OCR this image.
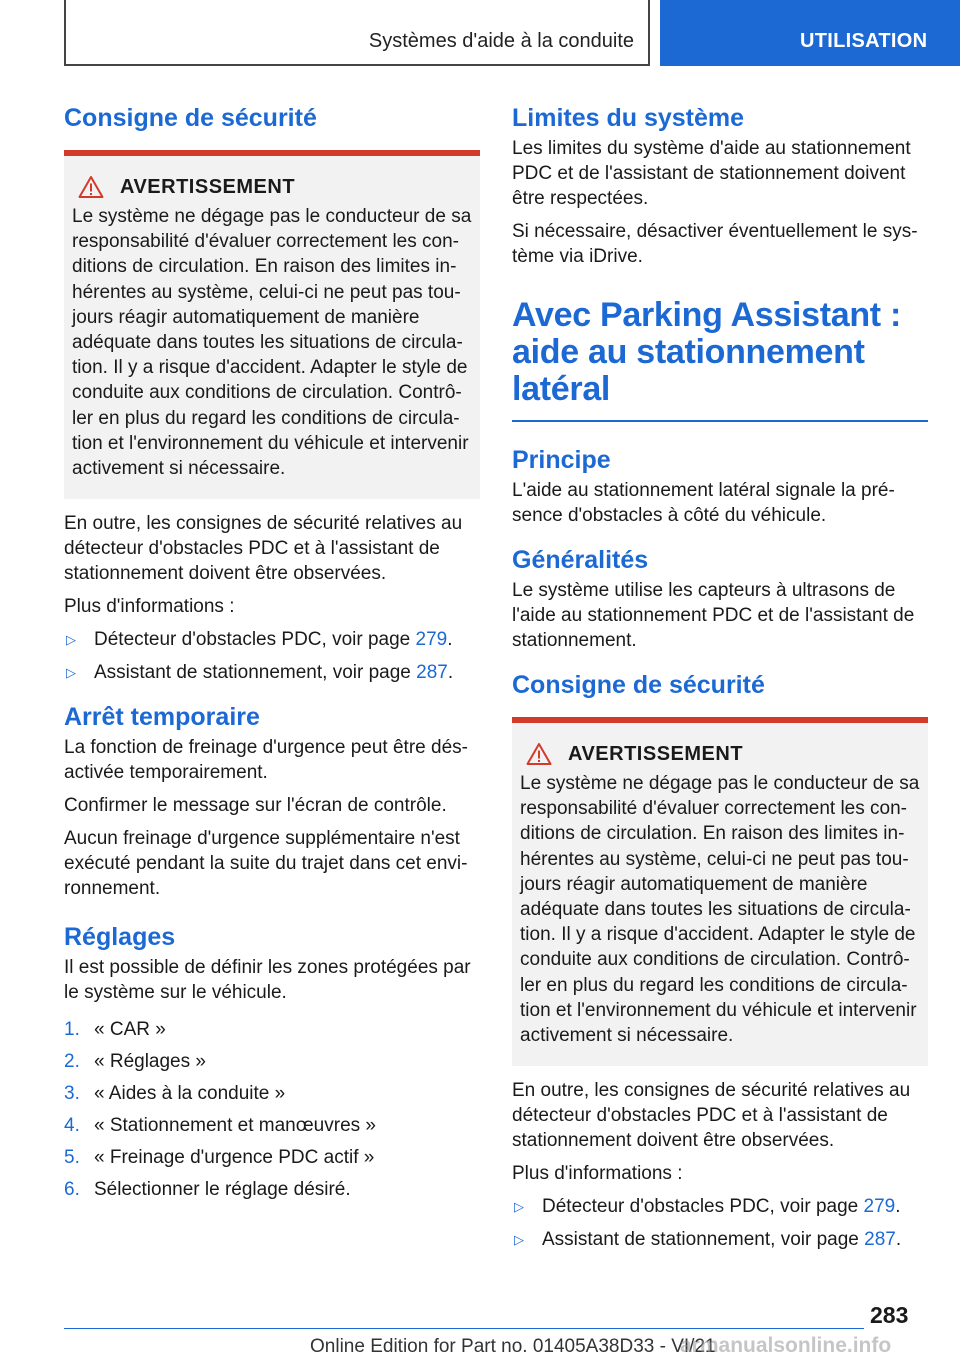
Systèmes d'aide à la conduite	UTILISATION
Consigne de sécurité
AVERTISSEMENT
Le système ne dégage pas le conducteur de sa responsabilité d'évaluer correctement les conditions de circulation. En raison des limites inhérentes au système, celui-ci ne peut pas toujours réagir automatiquement de manière adéquate dans toutes les situations de circulation. Il y a risque d'accident. Adapter le style de conduite aux conditions de circulation. Contrôler en plus du regard les conditions de circulation et l'environnement du véhicule et intervenir activement si nécessaire.

En outre, les consignes de sécurité relatives au détecteur d'obstacles PDC et à l'assistant de stationnement doivent être observées.

Plus d'informations :

▷ Détecteur d'obstacles PDC, voir page 279.
▷ Assistant de stationnement, voir page 287.
Arrêt temporaire

La fonction de freinage d'urgence peut être désactivée temporairement.

Confirmer le message sur l'écran de contrôle.

Aucun freinage d'urgence supplémentaire n'est exécuté pendant la suite du trajet dans cet environnement.

Réglages

Il est possible de définir les zones protégées par le système sur le véhicule.

1. « CAR »
2. « Réglages »
3. « Aides à la conduite »
4. « Stationnement et manœuvres »
5. « Freinage d'urgence PDC actif »
6. Sélectionner le réglage désiré.
Limites du système

Les limites du système d'aide au stationnement PDC et de l'assistant de stationnement doivent être respectées.

Si nécessaire, désactiver éventuellement le système via iDrive.

Avec Parking Assistant : aide au stationnement latéral
Principe

L'aide au stationnement latéral signale la présence d'obstacles à côté du véhicule.

Généralités

Le système utilise les capteurs à ultrasons de l'aide au stationnement PDC et de l'assistant de stationnement.

Consigne de sécurité
AVERTISSEMENT
Le système ne dégage pas le conducteur de sa responsabilité d'évaluer correctement les conditions de circulation. En raison des limites inhérentes au système, celui-ci ne peut pas toujours réagir automatiquement de manière adéquate dans toutes les situations de circulation. Il y a risque d'accident. Adapter le style de conduite aux conditions de circulation. Contrôler en plus du regard les conditions de circulation et l'environnement du véhicule et intervenir activement si nécessaire.

En outre, les consignes de sécurité relatives au détecteur d'obstacles PDC et à l'assistant de stationnement doivent être observées.

Plus d'informations :

▷ Détecteur d'obstacles PDC, voir page 279.
▷ Assistant de stationnement, voir page 287.
283
Online Edition for Part no. 01405A38D33 - VI/21
armanualsonline.info
